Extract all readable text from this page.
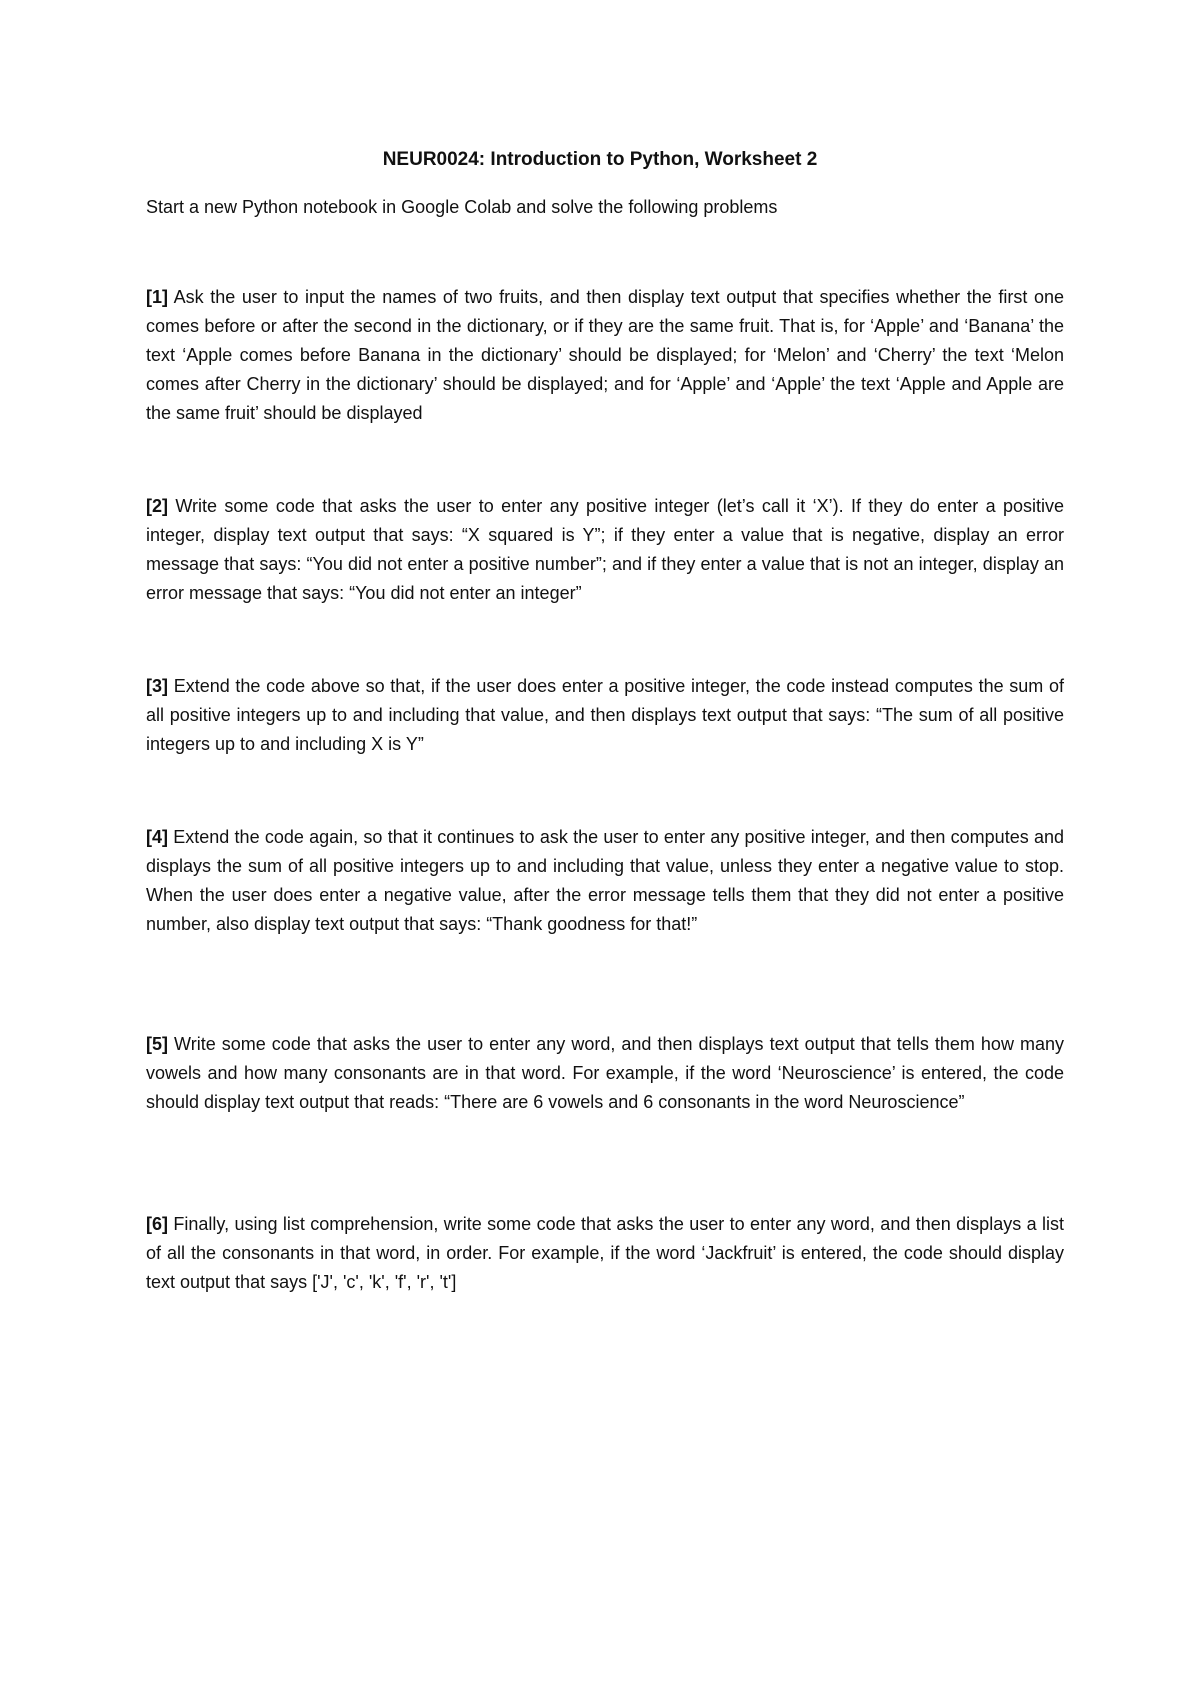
NEUR0024: Introduction to Python, Worksheet 2

Start a new Python notebook in Google Colab and solve the following problems

[1] Ask the user to input the names of two fruits, and then display text output that specifies whether the first one comes before or after the second in the dictionary, or if they are the same fruit. That is, for ‘Apple’ and ‘Banana’ the text ‘Apple comes before Banana in the dictionary’ should be displayed; for ‘Melon’ and ‘Cherry’ the text ‘Melon comes after Cherry in the dictionary’ should be displayed; and for ‘Apple’ and ‘Apple’ the text ‘Apple and Apple are the same fruit’ should be displayed

[2] Write some code that asks the user to enter any positive integer (let’s call it ‘X’). If they do enter a positive integer, display text output that says: “X squared is Y”; if they enter a value that is negative, display an error message that says: “You did not enter a positive number”; and if they enter a value that is not an integer, display an error message that says: “You did not enter an integer”

[3] Extend the code above so that, if the user does enter a positive integer, the code instead computes the sum of all positive integers up to and including that value, and then displays text output that says: “The sum of all positive integers up to and including X is Y”

[4] Extend the code again, so that it continues to ask the user to enter any positive integer, and then computes and displays the sum of all positive integers up to and including that value, unless they enter a negative value to stop. When the user does enter a negative value, after the error message tells them that they did not enter a positive number, also display text output that says: “Thank goodness for that!”

[5] Write some code that asks the user to enter any word, and then displays text output that tells them how many vowels and how many consonants are in that word. For example, if the word ‘Neuroscience’ is entered, the code should display text output that reads: “There are 6 vowels and 6 consonants in the word Neuroscience”

[6] Finally, using list comprehension, write some code that asks the user to enter any word, and then displays a list of all the consonants in that word, in order. For example, if the word ‘Jackfruit’ is entered, the code should display text output that says ['J', 'c', 'k', 'f', 'r', 't']
